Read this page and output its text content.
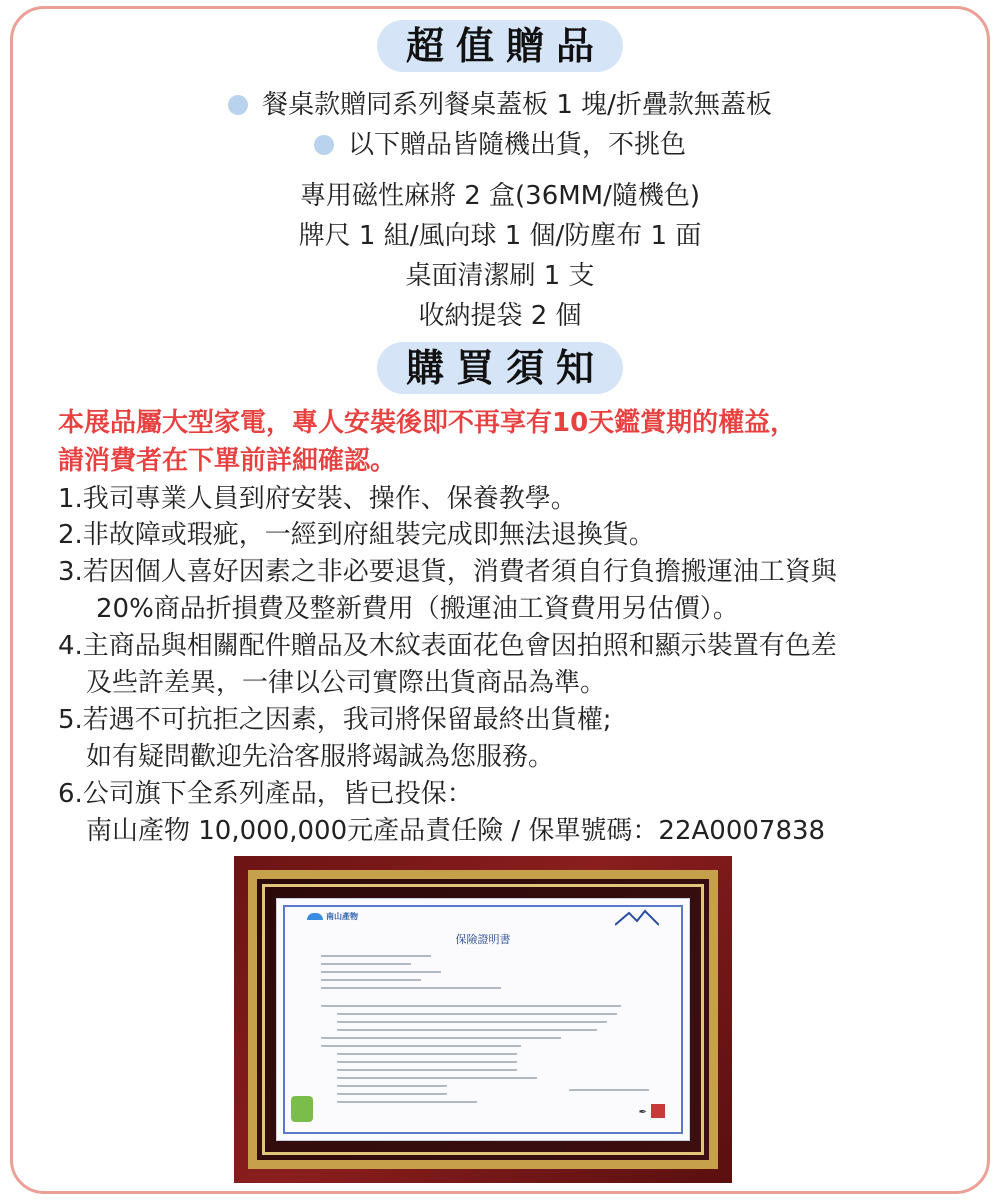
超值贈品
餐桌款贈同系列餐桌蓋板 1 塊/折疊款無蓋板
以下贈品皆隨機出貨，不挑色
專用磁性麻將 2 盒(36MM/隨機色)
牌尺 1 組/風向球 1 個/防塵布 1 面
桌面清潔刷 1 支
收納提袋 2 個
購買須知
本展品屬大型家電，專人安裝後即不再享有10天鑑賞期的權益，
請消費者在下單前詳細確認。
1.我司專業人員到府安裝、操作、保養教學。
2.非故障或瑕疵，一經到府組裝完成即無法退換貨。
3.若因個人喜好因素之非必要退貨，消費者須自行負擔搬運油工資與
20%商品折損費及整新費用（搬運油工資費用另估價）。
4.主商品與相關配件贈品及木紋表面花色會因拍照和顯示裝置有色差
及些許差異，一律以公司實際出貨商品為準。
5.若遇不可抗拒之因素，我司將保留最終出貨權;
如有疑問歡迎先洽客服將竭誠為您服務。
6.公司旗下全系列產品，皆已投保：
南山產物 10,000,000元產品責任險 / 保單號碼：22A0007838
南山產物
保險證明書
✒︎
